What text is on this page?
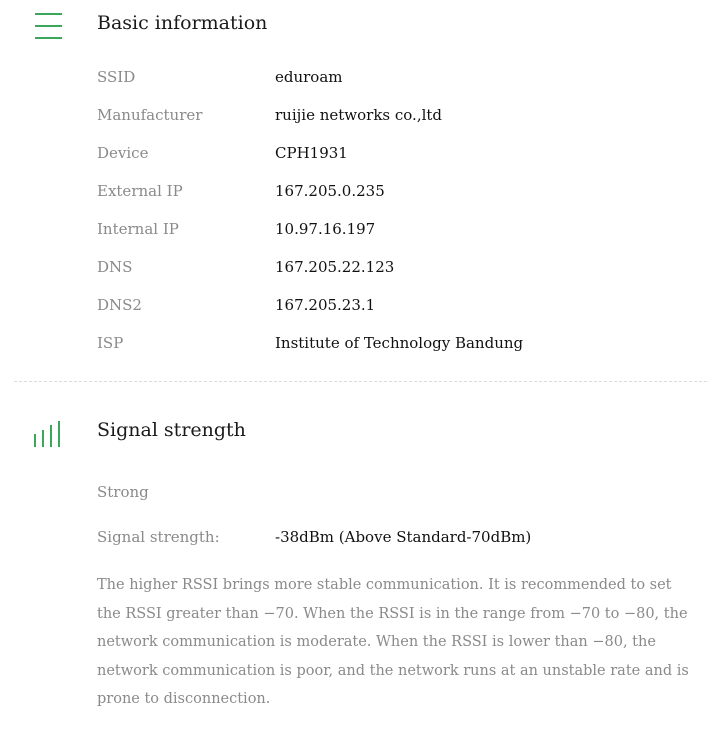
Basic information
SSID	eduroam
Manufacturer	ruijie networks co.,ltd
Device	CPH1931
External IP	167.205.0.235
Internal IP	10.97.16.197
DNS	167.205.22.123
DNS2	167.205.23.1
ISP	Institute of Technology Bandung
Signal strength
Strong
Signal strength:	-38dBm (Above Standard-70dBm)

The higher RSSI brings more stable communication. It is recommended to set the RSSI greater than −70. When the RSSI is in the range from −70 to −80, the network communication is moderate. When the RSSI is lower than −80, the network communication is poor, and the network runs at an unstable rate and is prone to disconnection.
